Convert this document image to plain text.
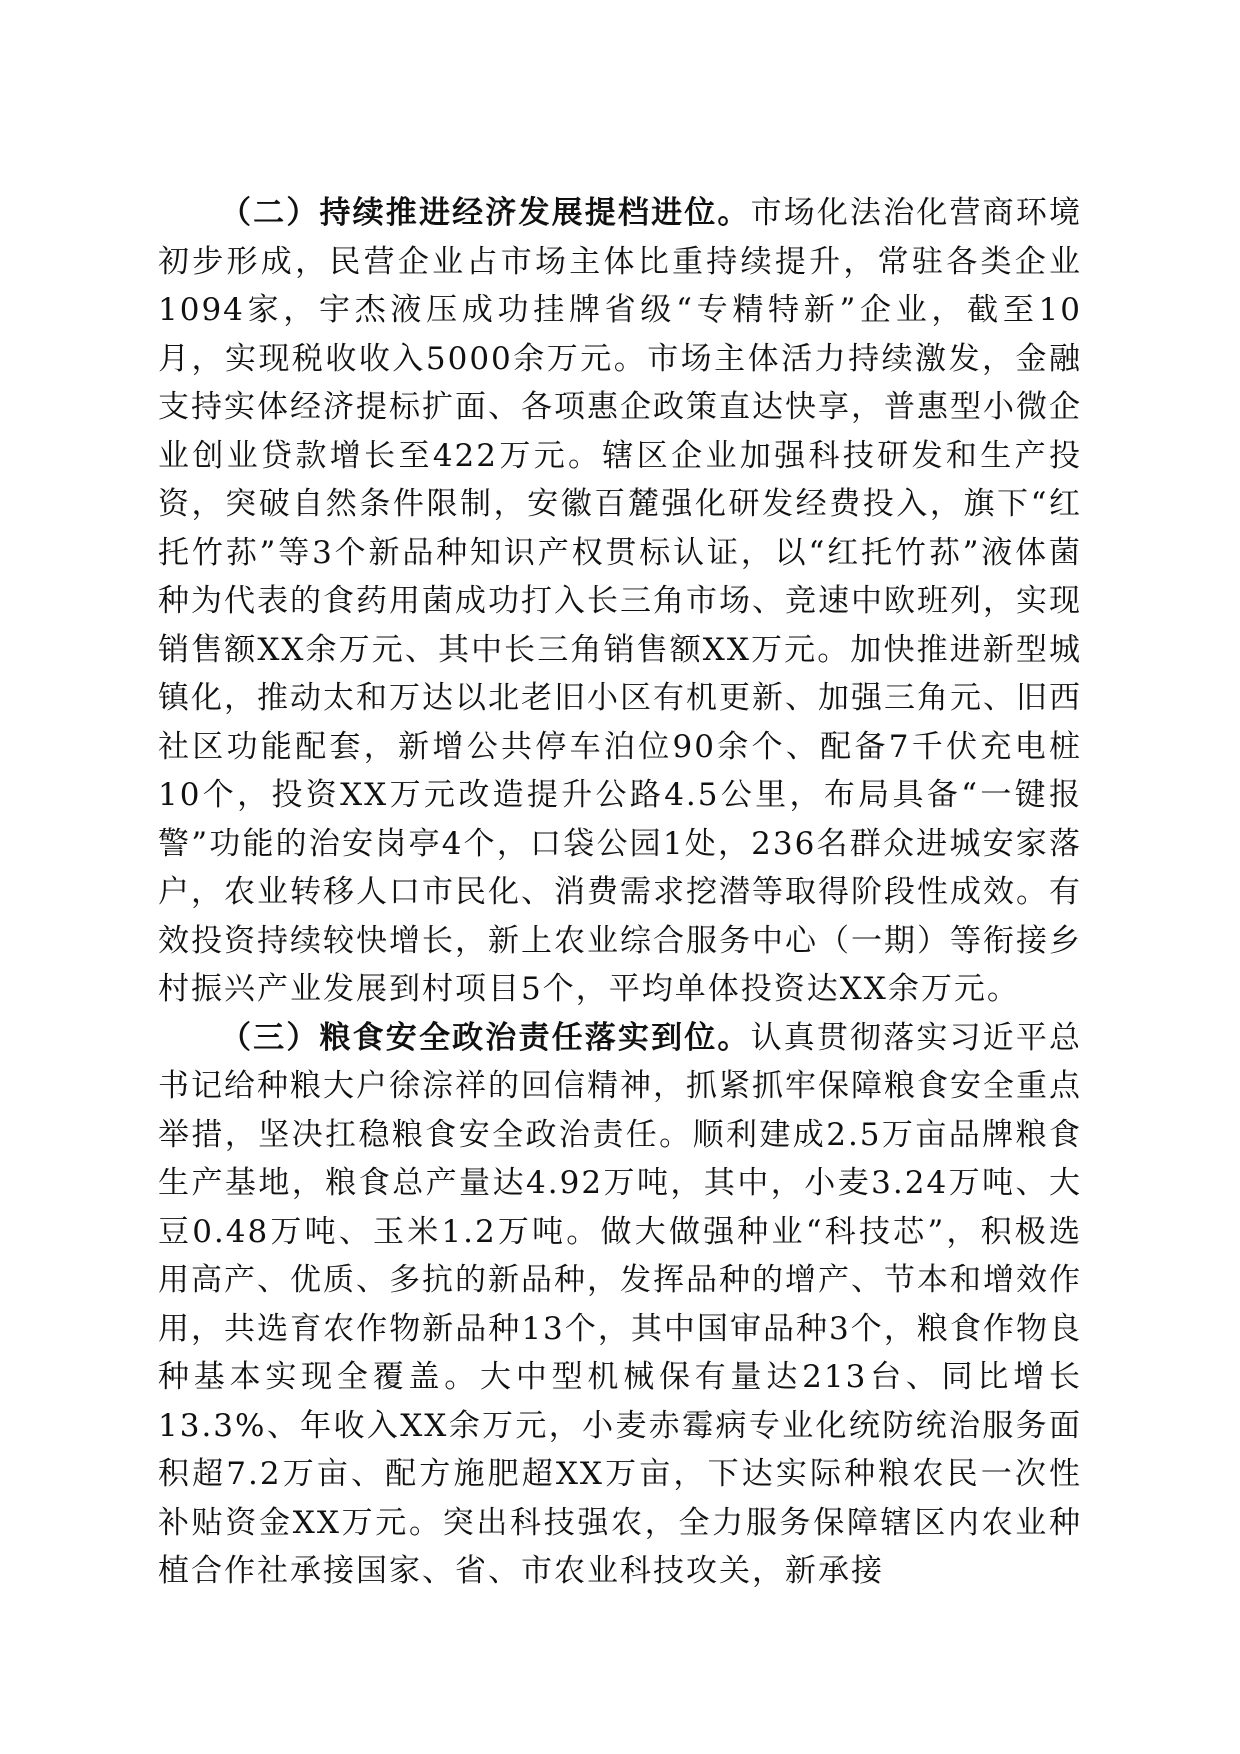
（二）持续推进经济发展提档进位。市场化法治化营商环境初步形成，民营企业占市场主体比重持续提升，常驻各类企业1094家，宇杰液压成功挂牌省级“专精特新”企业，截至10月，实现税收收入5000余万元。市场主体活力持续激发，金融支持实体经济提标扩面、各项惠企政策直达快享，普惠型小微企业创业贷款增长至422万元。辖区企业加强科技研发和生产投资，突破自然条件限制，安徽百麓强化研发经费投入，旗下“红托竹荪”等3个新品种知识产权贯标认证，以“红托竹荪”液体菌种为代表的食药用菌成功打入长三角市场、竞速中欧班列，实现销售额XX余万元、其中长三角销售额XX万元。加快推进新型城镇化，推动太和万达以北老旧小区有机更新、加强三角元、旧西社区功能配套，新增公共停车泊位90余个、配备7千伏充电桩10个，投资XX万元改造提升公路4.5公里，布局具备“一键报警”功能的治安岗亭4个，口袋公园1处，236名群众进城安家落户，农业转移人口市民化、消费需求挖潜等取得阶段性成效。有效投资持续较快增长，新上农业综合服务中心（一期）等衔接乡村振兴产业发展到村项目5个，平均单体投资达XX余万元。

（三）粮食安全政治责任落实到位。认真贯彻落实习近平总书记给种粮大户徐淙祥的回信精神，抓紧抓牢保障粮食安全重点举措，坚决扛稳粮食安全政治责任。顺利建成2.5万亩品牌粮食生产基地，粮食总产量达4.92万吨，其中，小麦3.24万吨、大豆0.48万吨、玉米1.2万吨。做大做强种业“科技芯”，积极选用高产、优质、多抗的新品种，发挥品种的增产、节本和增效作用，共选育农作物新品种13个，其中国审品种3个，粮食作物良种基本实现全覆盖。大中型机械保有量达213台、同比增长13.3%、年收入XX余万元，小麦赤霉病专业化统防统治服务面积超7.2万亩、配方施肥超XX万亩，下达实际种粮农民一次性补贴资金XX万元。突出科技强农，全力服务保障辖区内农业种植合作社承接国家、省、市农业科技攻关，新承接
